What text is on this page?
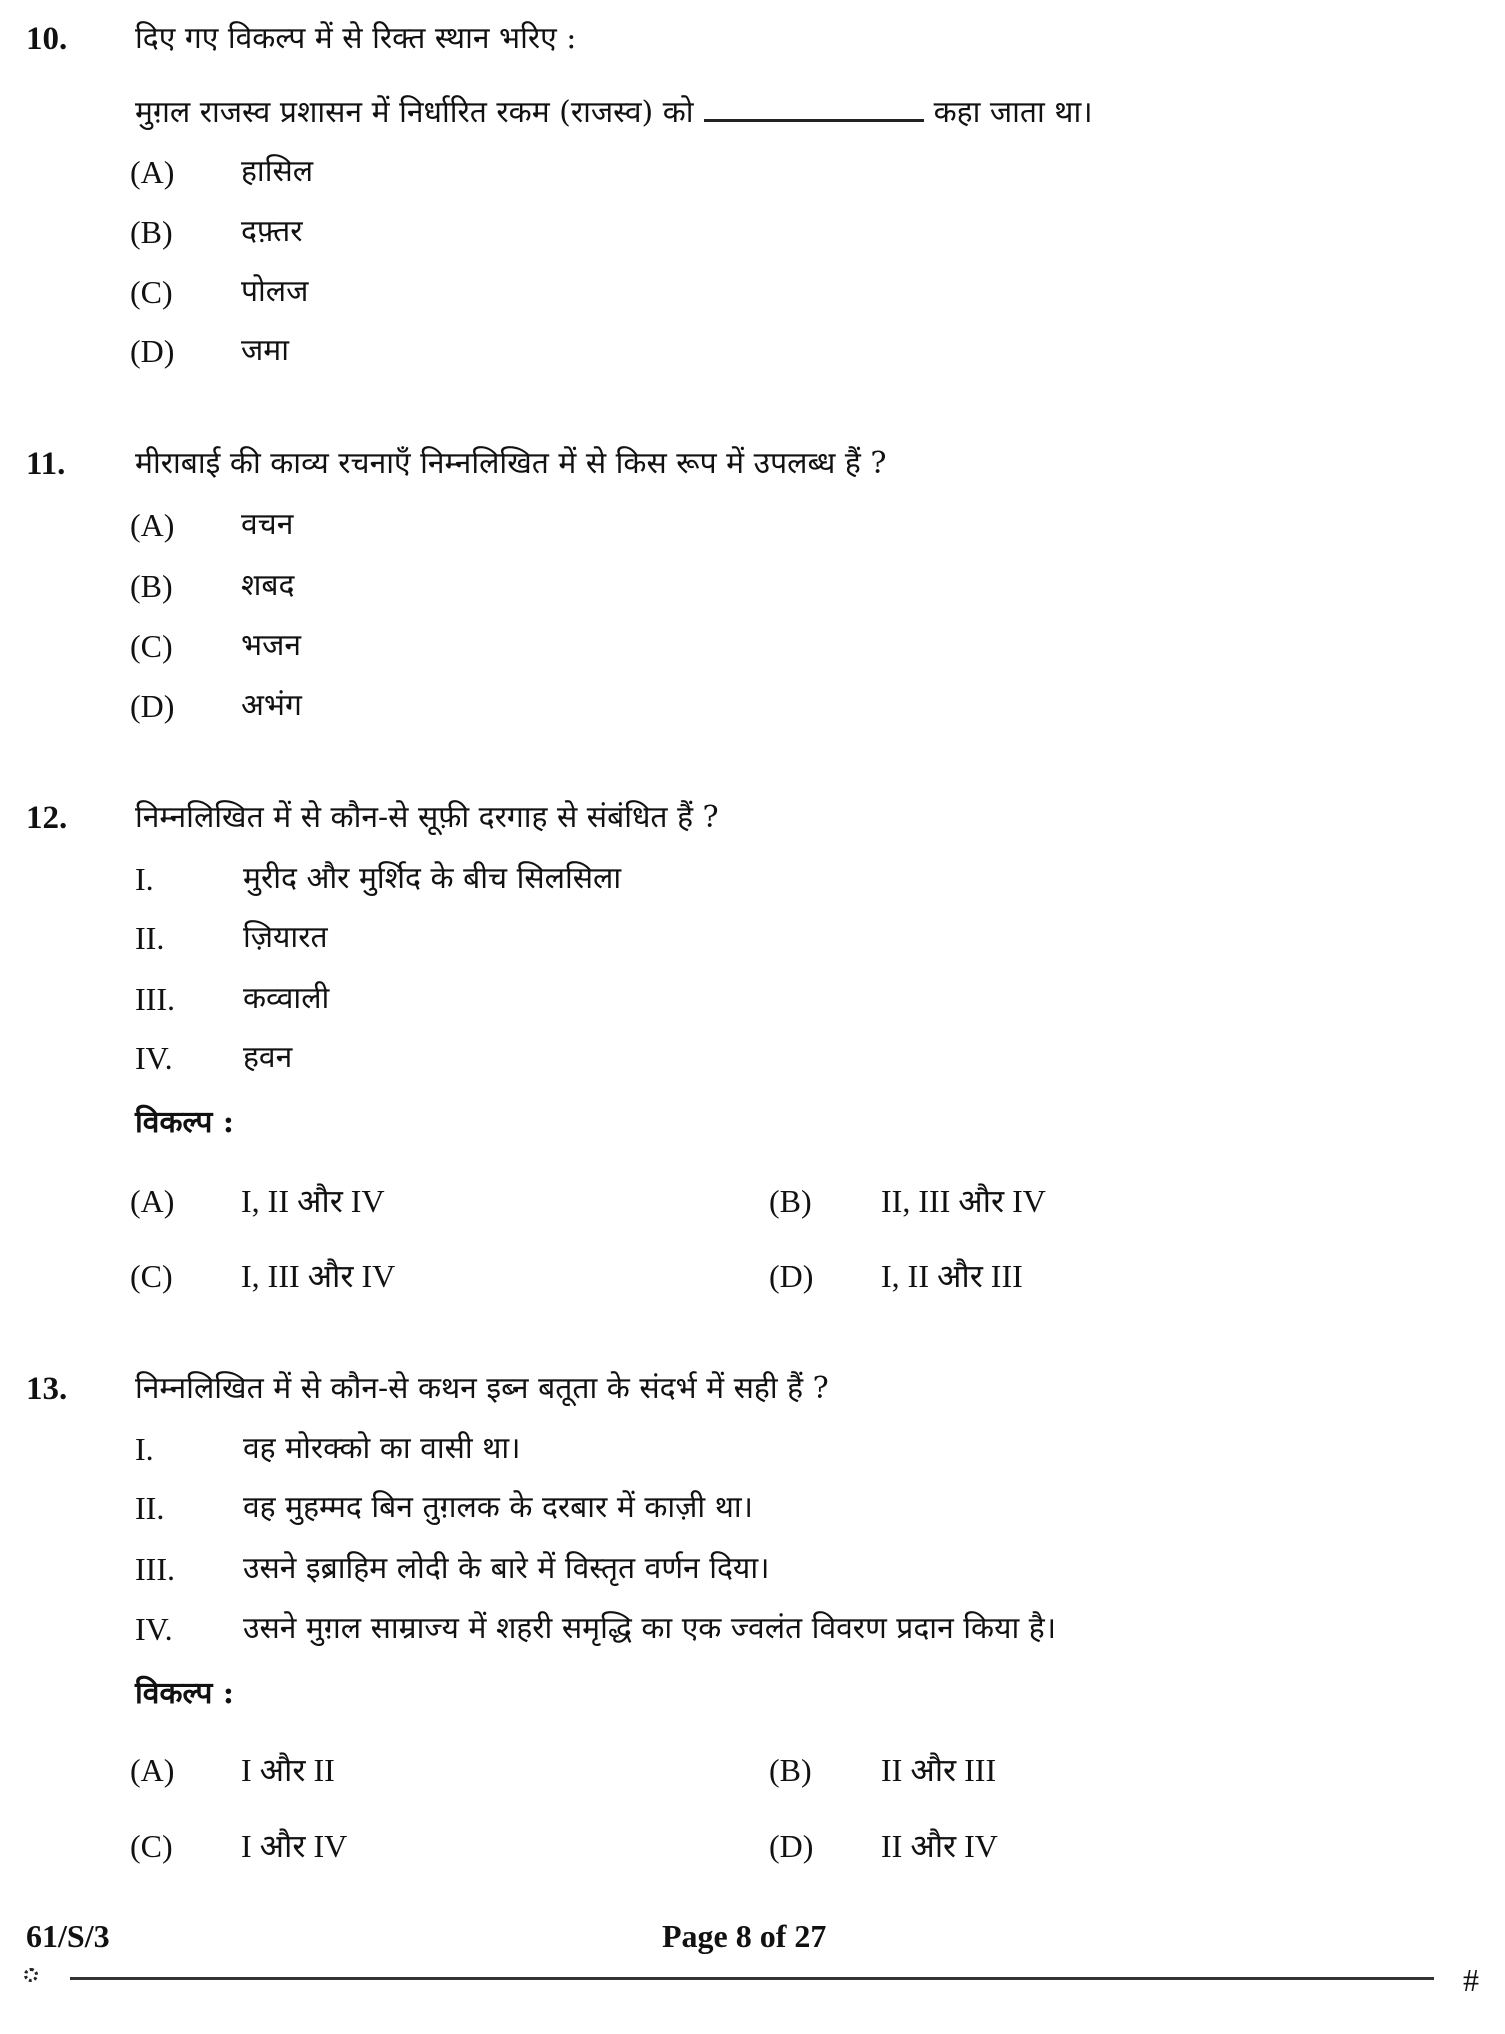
10. दिए गए विकल्प में से रिक्त स्थान भरिए :
मुग़ल राजस्व प्रशासन में निर्धारित रकम (राजस्व) को	कहा जाता था।
(A) हासिल
(B) दफ़्तर
(C) पोलज
(D) जमा
11. मीराबाई की काव्य रचनाएँ निम्नलिखित में से किस रूप में उपलब्ध हैं ?
(A) वचन
(B) शबद
(C) भजन
(D) अभंग
12. निम्नलिखित में से कौन-से सूफ़ी दरगाह से संबंधित हैं ?
I.	मुरीद और मुर्शिद के बीच सिलसिला
II.	ज़ियारत
III. कव्वाली
IV. हवन
विकल्प :
(A) I, II और IV	(B) II, III और IV
(C) I, III और IV	(D) I, II और III
13. निम्नलिखित में से कौन-से कथन इब्न बतूता के संदर्भ में सही हैं ?
I.	वह मोरक्को का वासी था।
II.	वह मुहम्मद बिन तुग़लक के दरबार में काज़ी था।
III. उसने इब्राहिम लोदी के बारे में विस्तृत वर्णन दिया।
IV. उसने मुग़ल साम्राज्य में शहरी समृद्धि का एक ज्वलंत विवरण प्रदान किया है।
विकल्प :
(A) I और II	(B) II और III
(C) I और IV	(D) II और IV
61/S/3	Page 8 of 27
#
